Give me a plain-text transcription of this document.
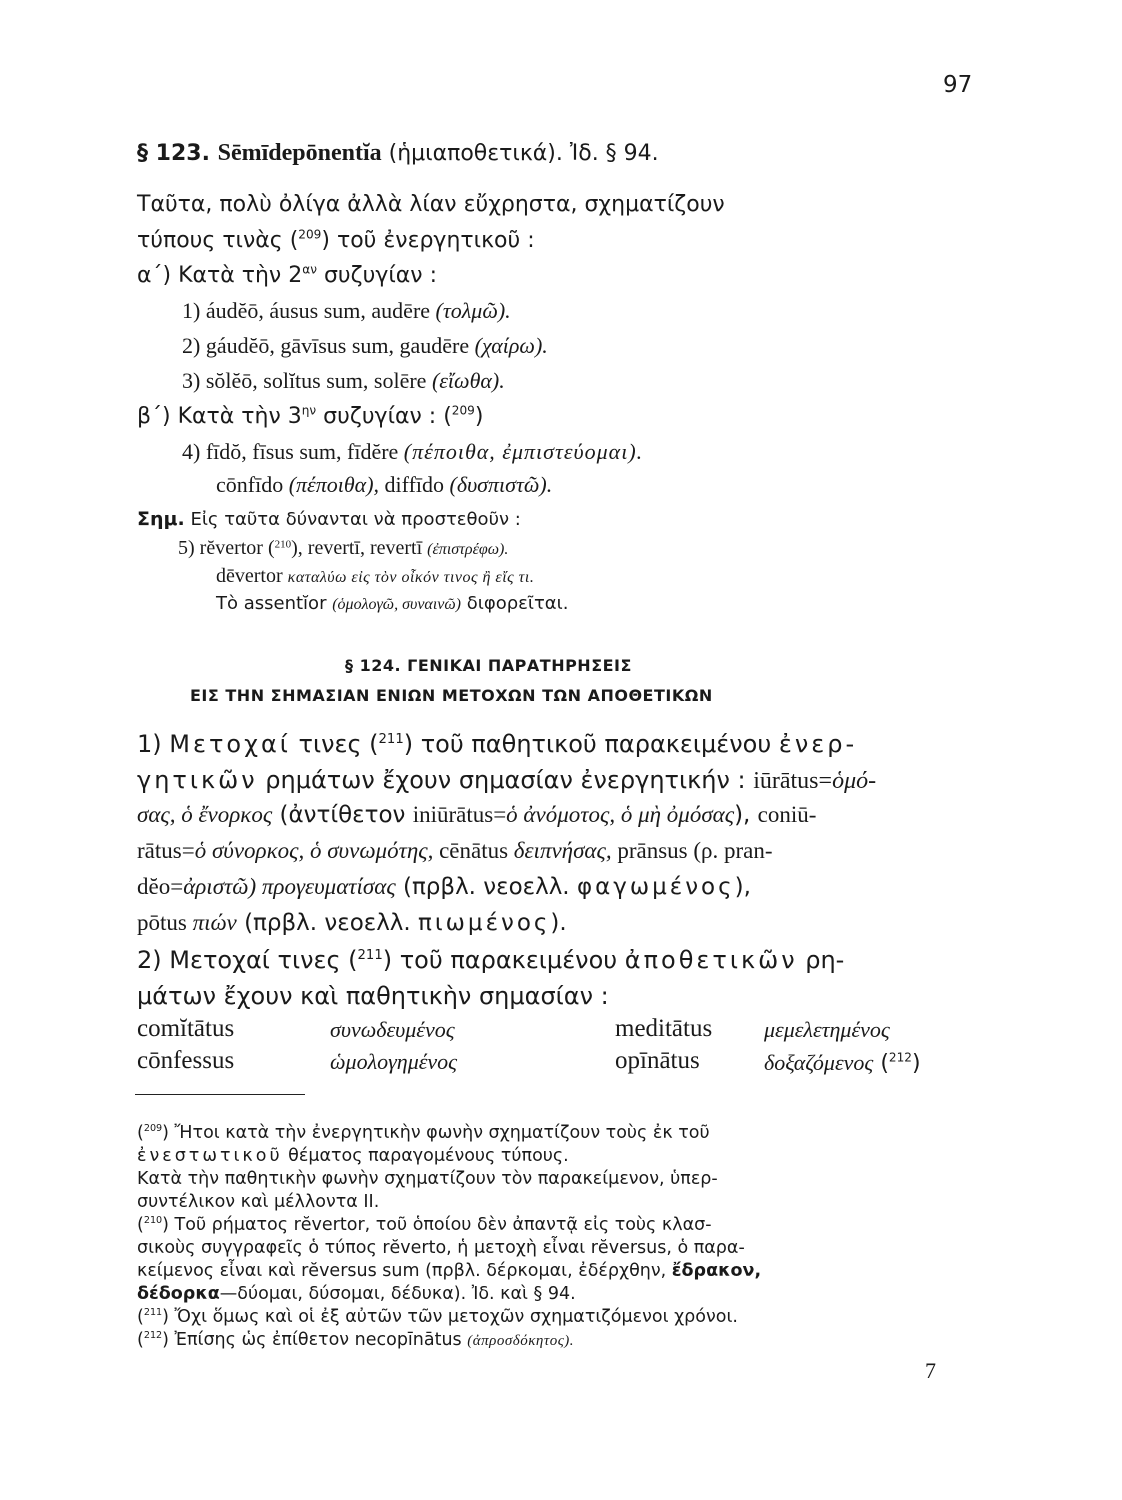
97
§ 123. Sēmīdepōnentĭa (ἡμιαποθετικά). Ἰδ. § 94.
Ταῦτα, πολὺ ὀλίγα ἀλλὰ λίαν εὔχρηστα, σχηματίζουν
τύπους τινὰς ($^{209}$) τοῦ ἐνεργητικοῦ :
α΄) Κατὰ τὴν $2^{\alpha\nu}$ συζυγίαν :
1) áudĕō, áusus sum, audēre (τολμῶ).
2) gáudĕō, gāvīsus sum, gaudēre (χαίρω).
3) sŏlĕō, solĭtus sum, solēre (εἴωθα).
β΄) Κατὰ τὴν $3^{\eta\nu}$ συζυγίαν : ($^{209}$)
4) fīdŏ, fīsus sum, fīdĕre (πέποιθα, ἐμπιστεύομαι).
cōnfīdo (πέποιθα), diffīdo (δυσπιστῶ).
Σημ. Εἰς ταῦτα δύνανται νὰ προστεθοῦν :
5) rĕvertor ($^{210}$), revertī, revertī (ἐπιστρέφω).
dēvertor καταλύω εἰς τὸν οἶκόν τινος ἢ εἴς τι.
Τὸ assentĭor (ὁμολογῶ, συναινῶ) διφορεῖται.
§ 124. ΓΕΝΙΚΑΙ ΠΑΡΑΤΗΡΗΣΕΙΣ
ΕΙΣ ΤΗΝ ΣΗΜΑΣΙΑΝ ΕΝΙΩΝ ΜΕΤΟΧΩΝ ΤΩΝ ΑΠΟΘΕΤΙΚΩΝ
1) Μετοχαί τινες ($^{211}$) τοῦ παθητικοῦ παρακειμένου ἐνερ-
γητικῶν ρημάτων ἔχουν σημασίαν ἐνεργητικήν : iūrātus=ὁμό-
σας, ὁ ἔνορκος (ἀντίθετον iniūrātus=ὁ ἀνόμοτος, ὁ μὴ ὀμόσας), coniū-
rātus=ὁ σύνορκος, ὁ συνωμότης, cēnātus δειπνήσας, prānsus (ρ. pran-
dĕo=ἀριστῶ) προγευματίσας (πρβλ. νεοελλ. φαγωμένος),
pōtus πιών (πρβλ. νεοελλ. πιωμένος).
2) Μετοχαί τινες ($^{211}$) τοῦ παρακειμένου ἀποθετικῶν ρη-
μάτων ἔχουν καὶ παθητικὴν σημασίαν :
comĭtātus	συνωδευμένος	meditātus μεμελετημένος
cōnfessus	ὡμολογημένος	opīnātus	δοξαζόμενος ($^{212}$)
($^{209}$) Ἤτοι κατὰ τὴν ἐνεργητικὴν φωνὴν σχηματίζουν τοὺς ἐκ τοῦ
ἐνεστωτικοῦ θέματος παραγομένους τύπους.
Κατὰ τὴν παθητικὴν φωνὴν σχηματίζουν τὸν παρακείμενον, ὑπερ-
συντέλικον καὶ μέλλοντα ΙΙ.
($^{210}$) Τοῦ ρήματος rĕvertor, τοῦ ὁποίου δὲν ἀπαντᾷ εἰς τοὺς κλασ-
σικοὺς συγγραφεῖς ὁ τύπος rĕverto, ἡ μετοχὴ εἶναι rĕversus, ὁ παρα-
κείμενος εἶναι καὶ rĕversus sum (πρβλ. δέρκομαι, ἐδέρχθην, ἔδρακον,
δέδορκα—δύομαι, δύσομαι, δέδυκα). Ἰδ. καὶ § 94.
($^{211}$) Ὄχι ὅμως καὶ οἱ ἐξ αὐτῶν τῶν μετοχῶν σχηματιζόμενοι χρόνοι.
($^{212}$) Ἐπίσης ὡς ἐπίθετον necopīnātus (ἀπροσδόκητος).
7
